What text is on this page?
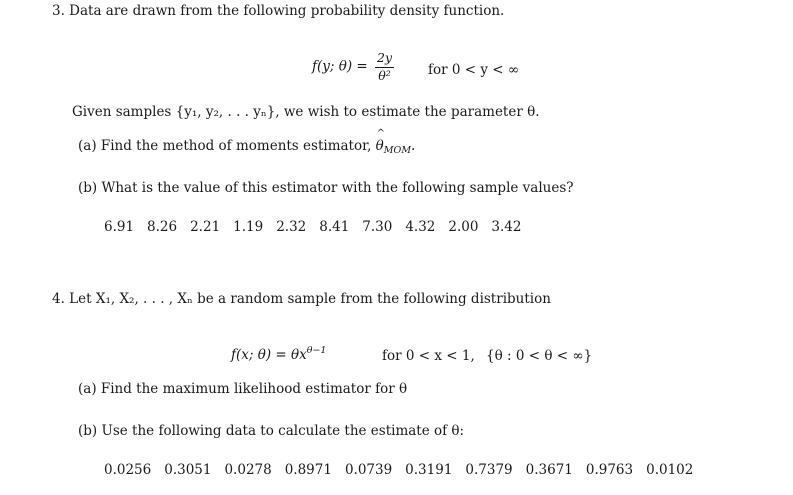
3. Data are drawn from the following probability density function.
f(y; $\theta) = \frac{2y}{\text{θ²}}$	for 0 < y < ∞
Given samples {y₁, y₂, . . . yₙ}, we wish to estimate the parameter θ.
(a) Find the method of moments estimator, ^ $\theta_{MOM}$.
(b) What is the value of this estimator with the following sample values?
6.91 8.26 2.21 1.19 2.32 8.41 7.30 4.32 2.00 3.42
4. Let X₁, X₂, . . . , Xₙ be a random sample from the following distribution
f(x; $\theta) = \theta x^{\theta-1}$	for 0 < x < 1, {θ : 0 < θ < ∞}
(a) Find the maximum likelihood estimator for θ
(b) Use the following data to calculate the estimate of θ:
0.0256 0.3051 0.0278 0.8971 0.0739 0.3191 0.7379 0.3671 0.9763 0.0102
